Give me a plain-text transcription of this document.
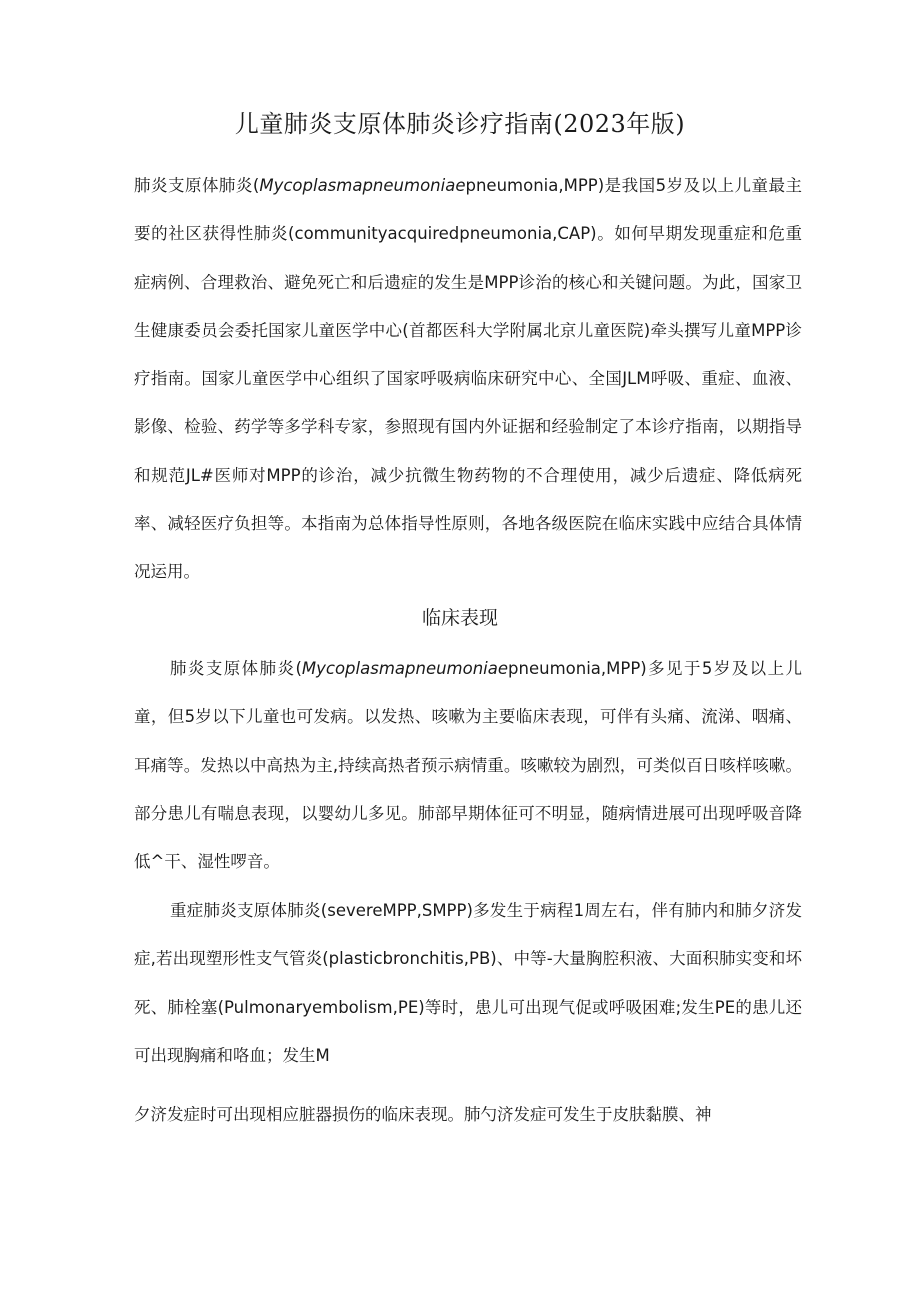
儿童肺炎支原体肺炎诊疗指南(2023年版)

肺炎支原体肺炎(Mycoplasmapneumoniaepneumonia,MPP)是我国5岁及以上儿童最主要的社区获得性肺炎(communityacquiredpneumonia,CAP)。如何早期发现重症和危重症病例、合理救治、避免死亡和后遗症的发生是MPP诊治的核心和关键问题。为此，国家卫生健康委员会委托国家儿童医学中心(首都医科大学附属北京儿童医院)牵头撰写儿童MPP诊疗指南。国家儿童医学中心组织了国家呼吸病临床研究中心、全国JLM呼吸、重症、血液、影像、检验、药学等多学科专家，参照现有国内外证据和经验制定了本诊疗指南，以期指导和规范JL#医师对MPP的诊治，减少抗微生物药物的不合理使用，减少后遗症、降低病死率、减轻医疗负担等。本指南为总体指导性原则，各地各级医院在临床实践中应结合具体情况运用。

临床表现

肺炎支原体肺炎(Mycoplasmapneumoniaepneumonia,MPP)多见于5岁及以上儿童，但5岁以下儿童也可发病。以发热、咳嗽为主要临床表现，可伴有头痛、流涕、咽痛、耳痛等。发热以中高热为主,持续高热者预示病情重。咳嗽较为剧烈，可类似百日咳样咳嗽。部分患儿有喘息表现，以婴幼儿多见。肺部早期体征可不明显，随病情进展可出现呼吸音降低^干、湿性啰音。

重症肺炎支原体肺炎(severeMPP,SMPP)多发生于病程1周左右，伴有肺内和肺夕济发症,若出现塑形性支气管炎(plasticbronchitis,PB)、中等-大量胸腔积液、大面积肺实变和坏死、肺栓塞(Pulmonaryembolism,PE)等时，患儿可出现气促或呼吸困难;发生PE的患儿还可出现胸痛和咯血；发生M

夕济发症时可出现相应脏器损伤的临床表现。肺勺济发症可发生于皮肤黏膜、神
